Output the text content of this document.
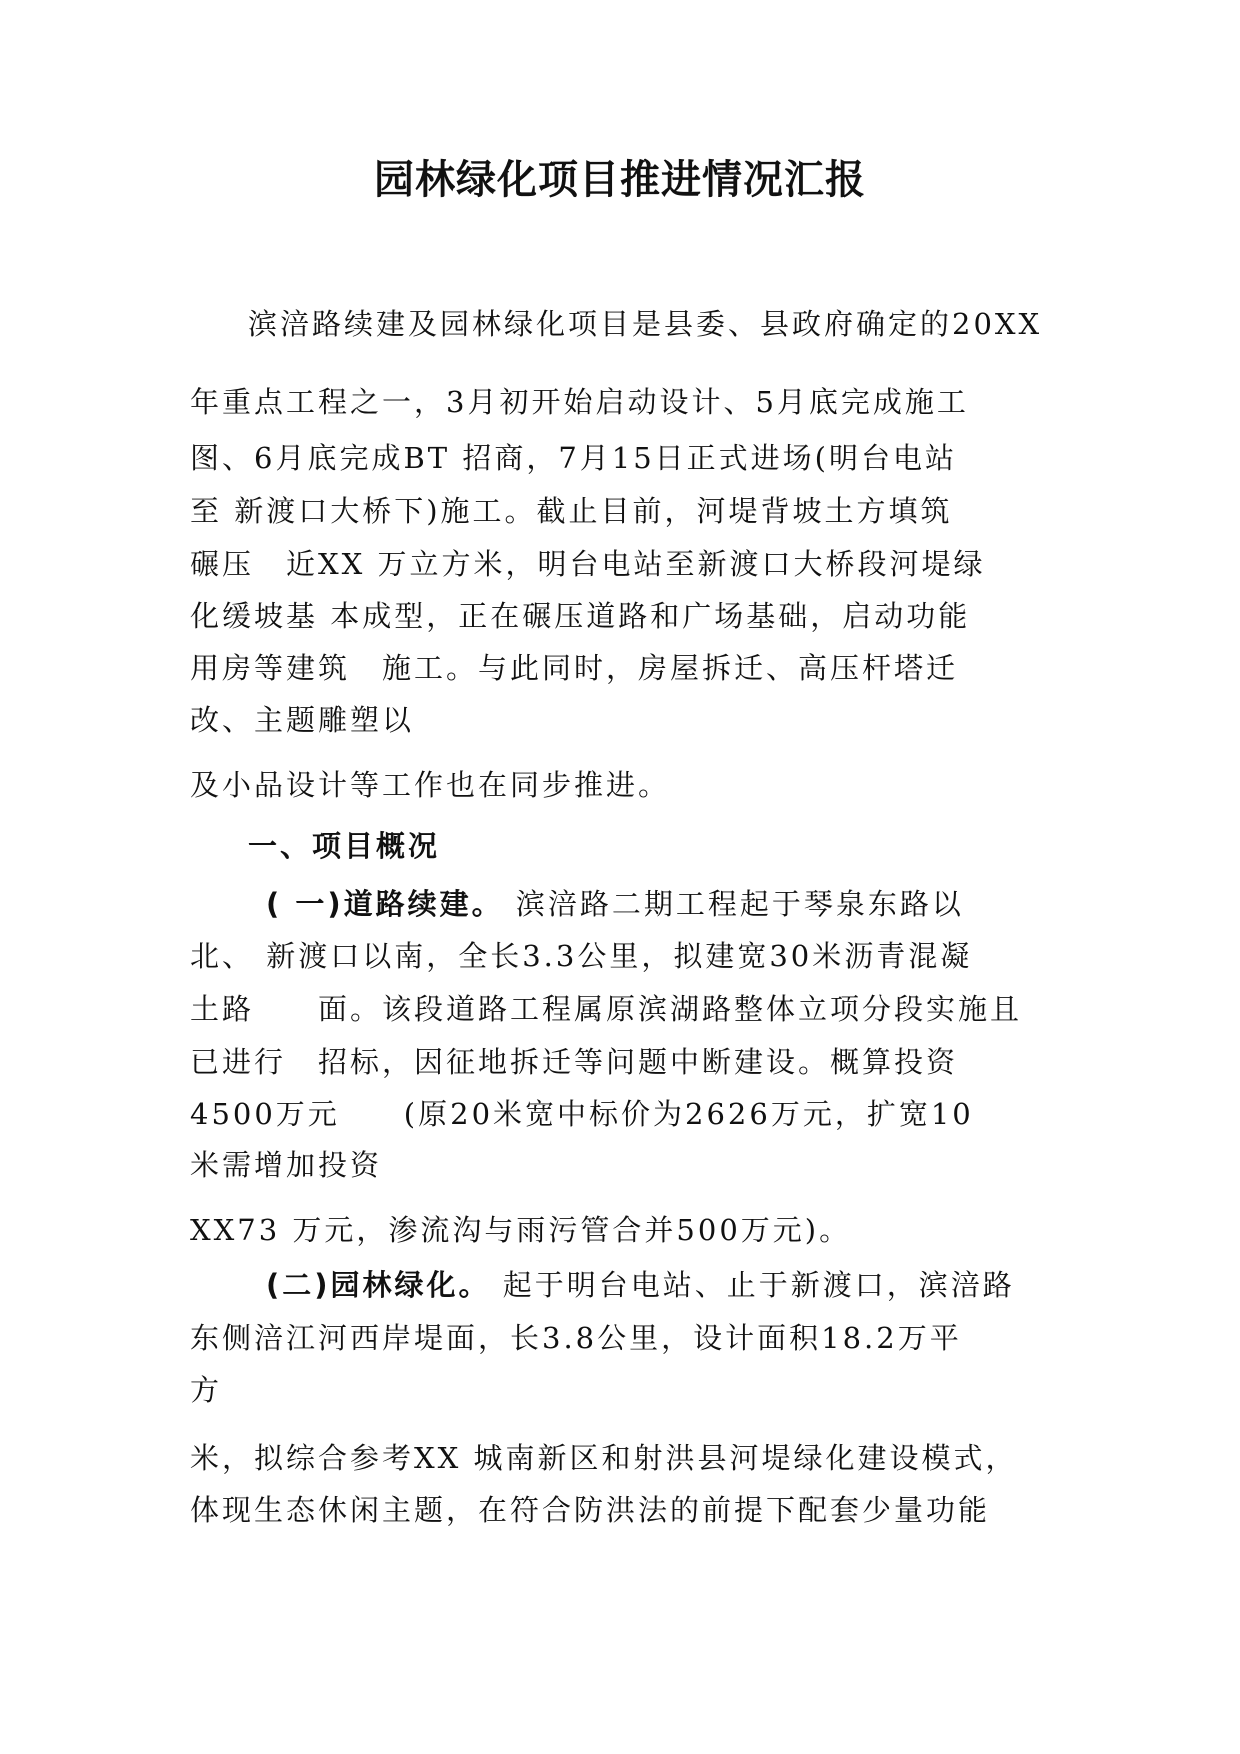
园林绿化项目推进情况汇报
滨涪路续建及园林绿化项目是县委、县政府确定的20XX
年重点工程之一，3月初开始启动设计、5月底完成施工
图、6月底完成BT 招商，7月15日正式进场(明台电站
至 新渡口大桥下)施工。截止目前，河堤背坡土方填筑
碾压　近XX 万立方米，明台电站至新渡口大桥段河堤绿
化缓坡基 本成型，正在碾压道路和广场基础，启动功能
用房等建筑　施工。与此同时，房屋拆迁、高压杆塔迁
改、主题雕塑以
及小品设计等工作也在同步推进。
一、项目概况
( 一)道路续建。 滨涪路二期工程起于琴泉东路以
北、 新渡口以南，全长3.3公里，拟建宽30米沥青混凝
土路　　面。该段道路工程属原滨湖路整体立项分段实施且
已进行　招标，因征地拆迁等问题中断建设。概算投资
4500万元　　(原20米宽中标价为2626万元，扩宽10
米需增加投资
XX73 万元，渗流沟与雨污管合并500万元)。
(二)园林绿化。 起于明台电站、止于新渡口，滨涪路
东侧涪江河西岸堤面，长3.8公里，设计面积18.2万平
方
米，拟综合参考XX 城南新区和射洪县河堤绿化建设模式，
体现生态休闲主题，在符合防洪法的前提下配套少量功能
